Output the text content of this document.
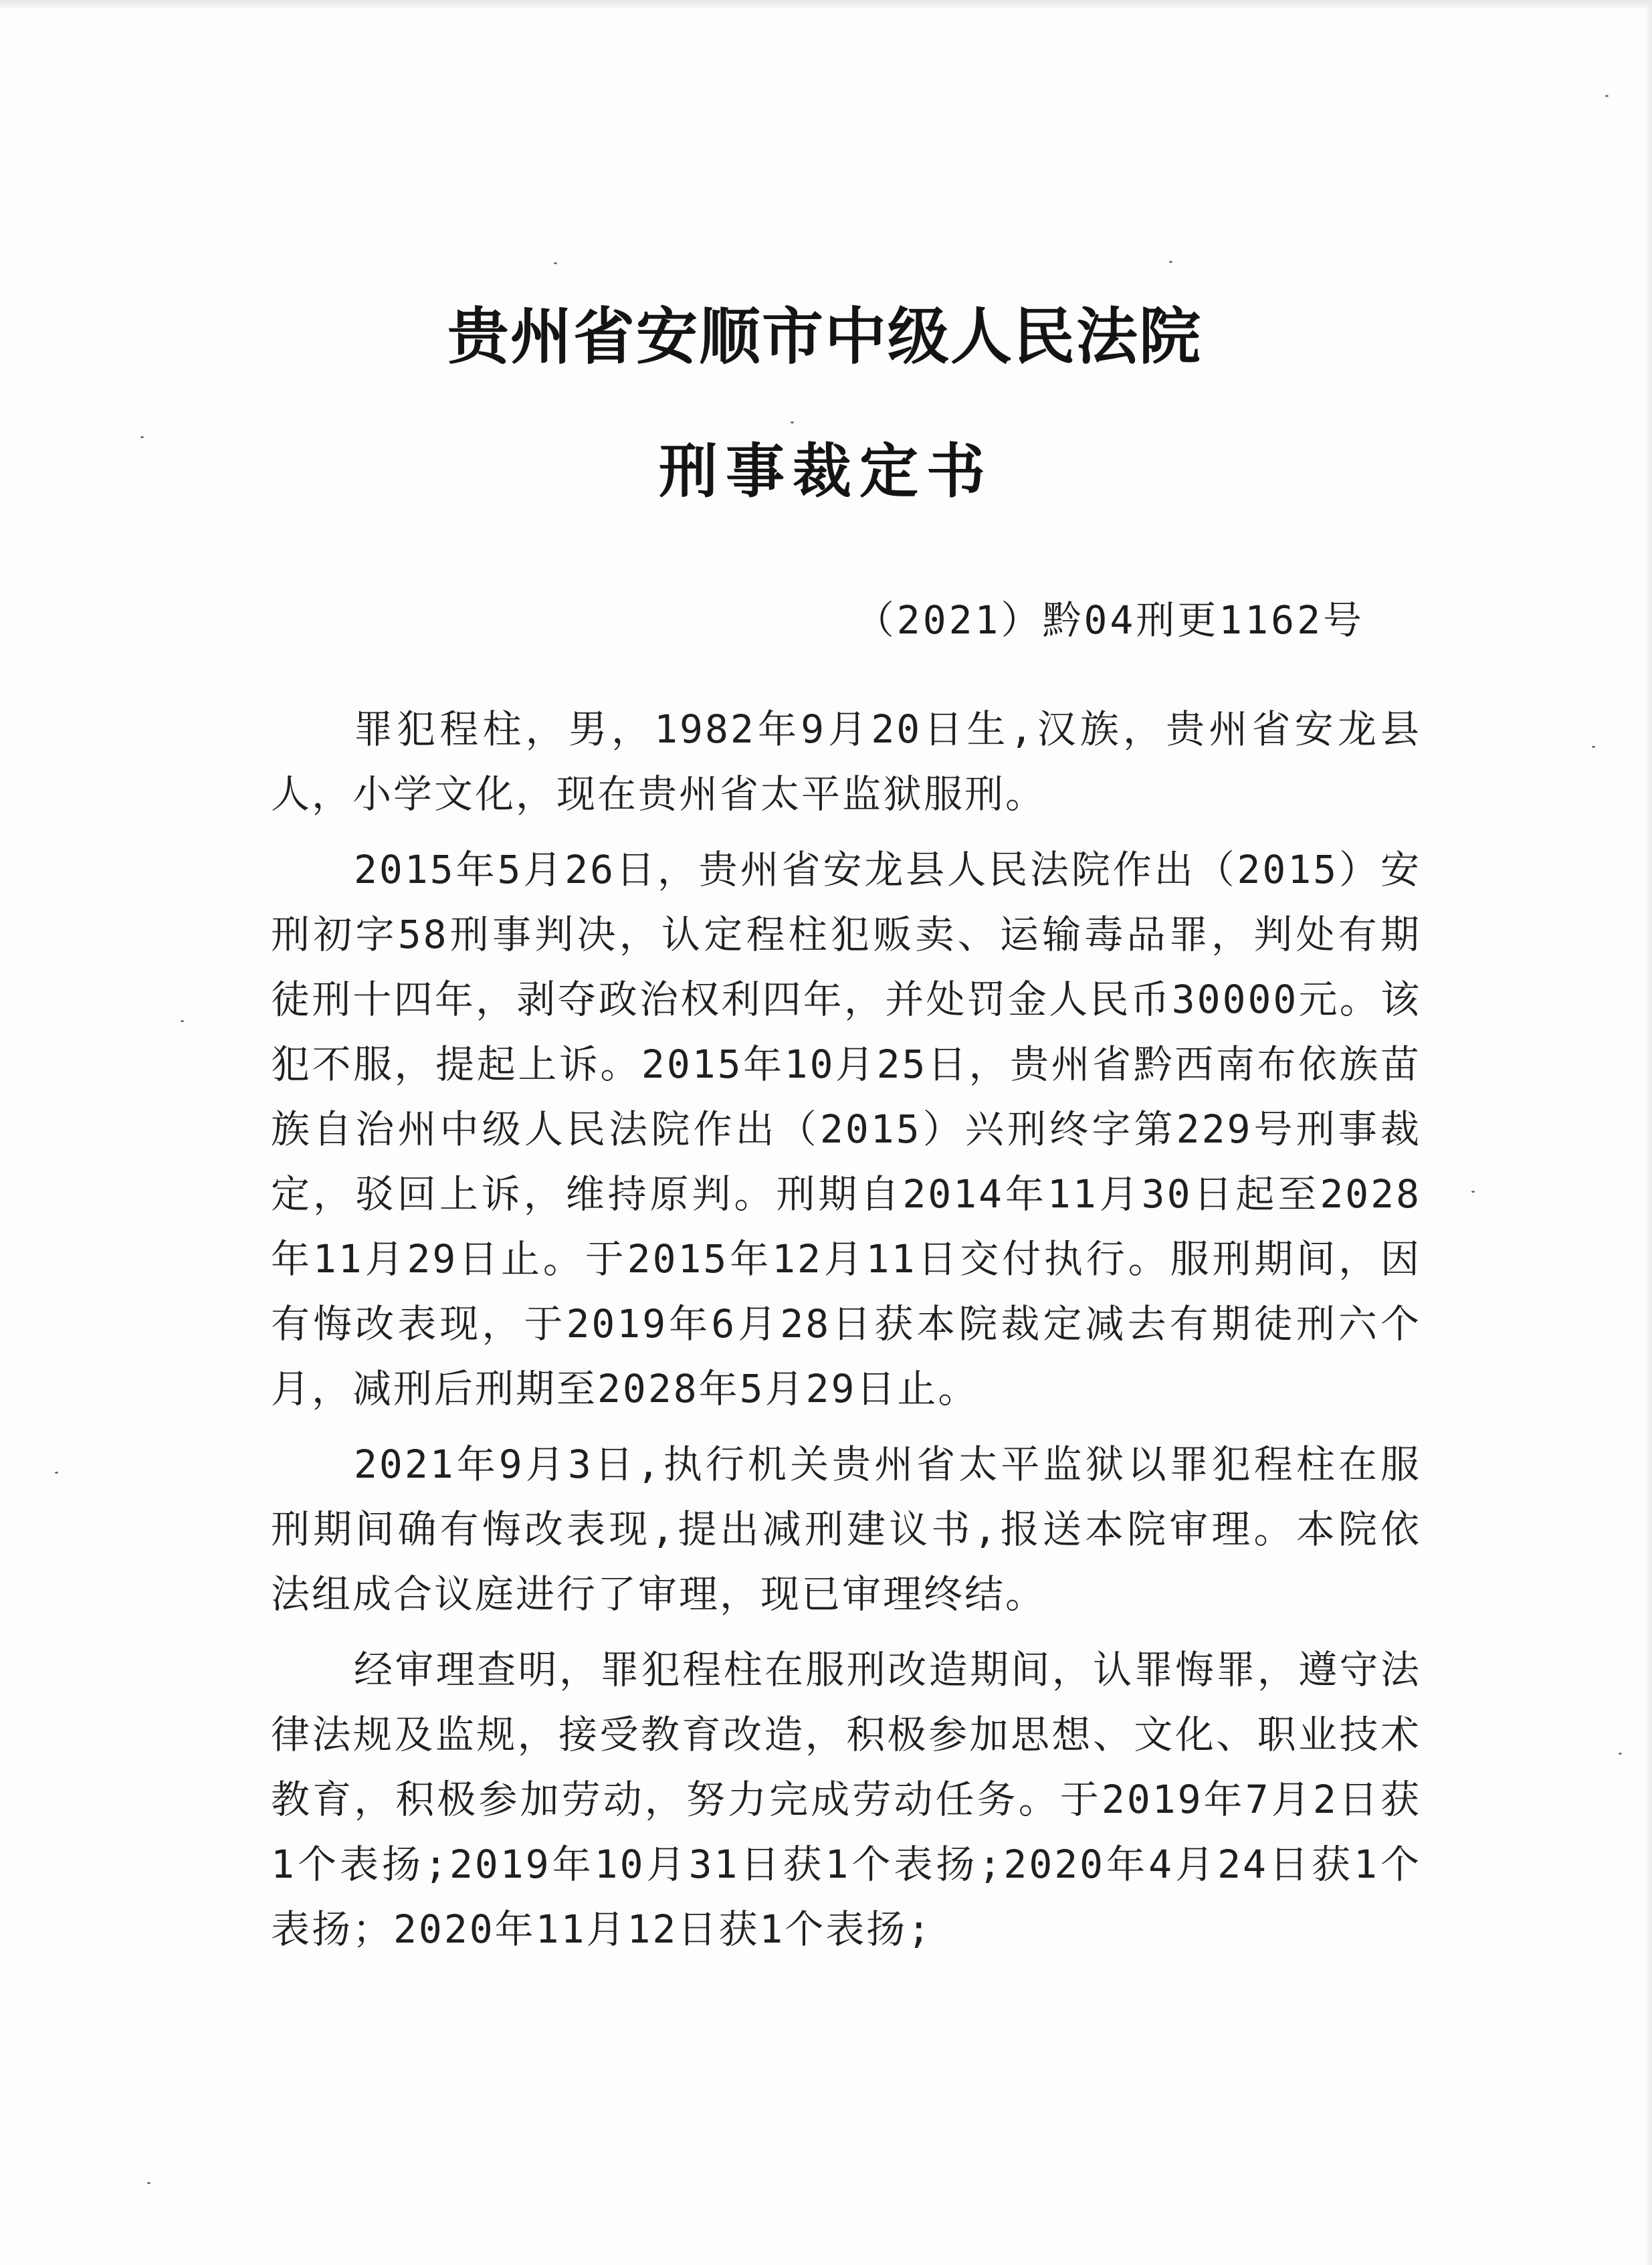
贵州省安顺市中级人民法院
刑事裁定书
（2021）黔04刑更1162号

罪犯程柱，男，1982年9月20日生,汉族，贵州省安龙县人，小学文化，现在贵州省太平监狱服刑。

2015年5月26日，贵州省安龙县人民法院作出（2015）安刑初字58刑事判决，认定程柱犯贩卖、运输毒品罪，判处有期徒刑十四年，剥夺政治权利四年，并处罚金人民币30000元。该犯不服，提起上诉。2015年10月25日，贵州省黔西南布依族苗族自治州中级人民法院作出（2015）兴刑终字第229号刑事裁定，驳回上诉，维持原判。刑期自2014年11月30日起至2028年11月29日止。于2015年12月11日交付执行。服刑期间，因有悔改表现，于2019年6月28日获本院裁定减去有期徒刑六个月，减刑后刑期至2028年5月29日止。

2021年9月3日,执行机关贵州省太平监狱以罪犯程柱在服刑期间确有悔改表现,提出减刑建议书,报送本院审理。本院依法组成合议庭进行了审理，现已审理终结。

经审理查明，罪犯程柱在服刑改造期间，认罪悔罪，遵守法律法规及监规，接受教育改造，积极参加思想、文化、职业技术教育，积极参加劳动，努力完成劳动任务。于2019年7月2日获1个表扬;2019年10月31日获1个表扬;2020年4月24日获1个表扬；2020年11月12日获1个表扬;
